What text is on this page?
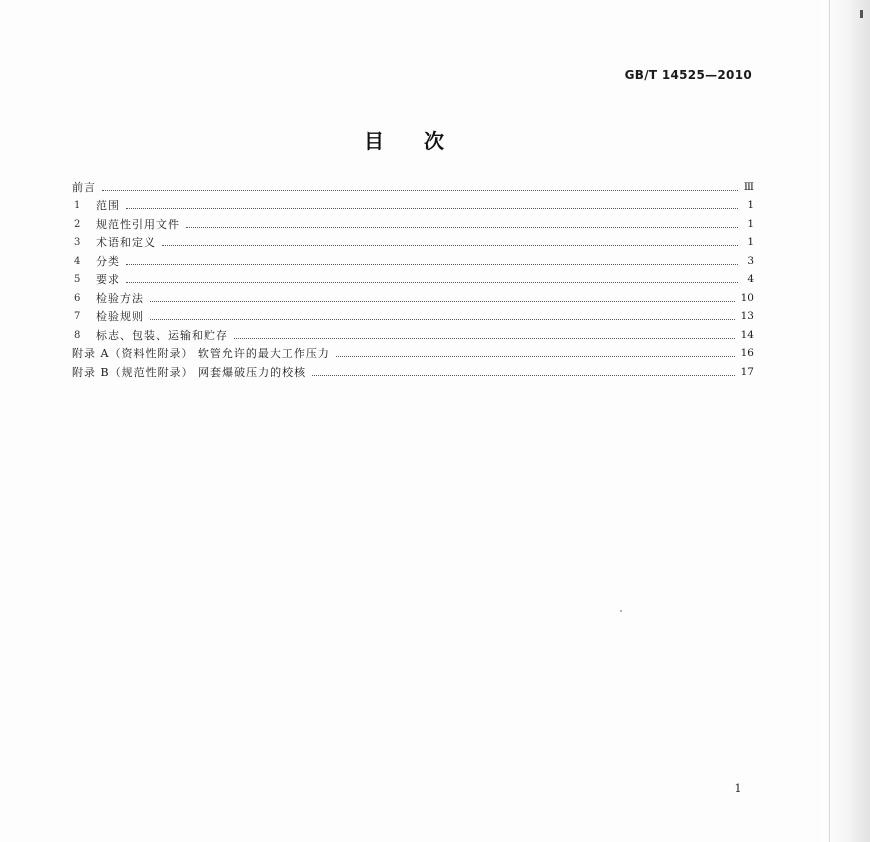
GB/T 14525—2010
目次
前言	Ⅲ
1	范围	1
2	规范性引用文件	1
3	术语和定义	1
4	分类	3
5	要求	4
6	检验方法	10
7	检验规则	13
8	标志、包装、运输和贮存	14
附录 A（资料性附录） 软管允许的最大工作压力	16
附录 B（规范性附录） 网套爆破压力的校核	17
1
